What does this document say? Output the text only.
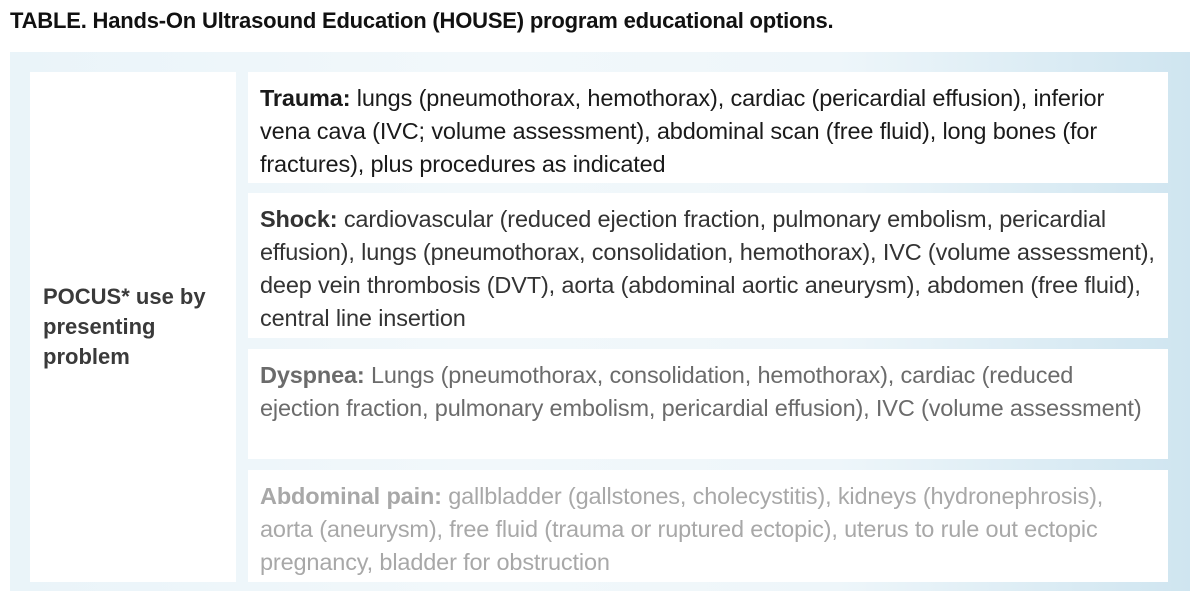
TABLE. Hands-On Ultrasound Education (HOUSE) program educational options.
POCUS* use by presenting problem
Trauma: lungs (pneumothorax, hemothorax), cardiac (pericardial effusion), inferior vena cava (IVC; volume assessment), abdominal scan (free fluid), long bones (for fractures), plus procedures as indicated
Shock: cardiovascular (reduced ejection fraction, pulmonary embolism, pericardial effusion), lungs (pneumothorax, consolidation, hemothorax), IVC (volume assessment), deep vein thrombosis (DVT), aorta (abdominal aortic aneurysm), abdomen (free fluid), central line insertion
Dyspnea: Lungs (pneumothorax, consolidation, hemothorax), cardiac (reduced ejection fraction, pulmonary embolism, pericardial effusion), IVC (volume assessment)
Abdominal pain: gallbladder (gallstones, cholecystitis), kidneys (hydronephrosis), aorta (aneurysm), free fluid (trauma or ruptured ectopic), uterus to rule out ectopic pregnancy, bladder for obstruction
